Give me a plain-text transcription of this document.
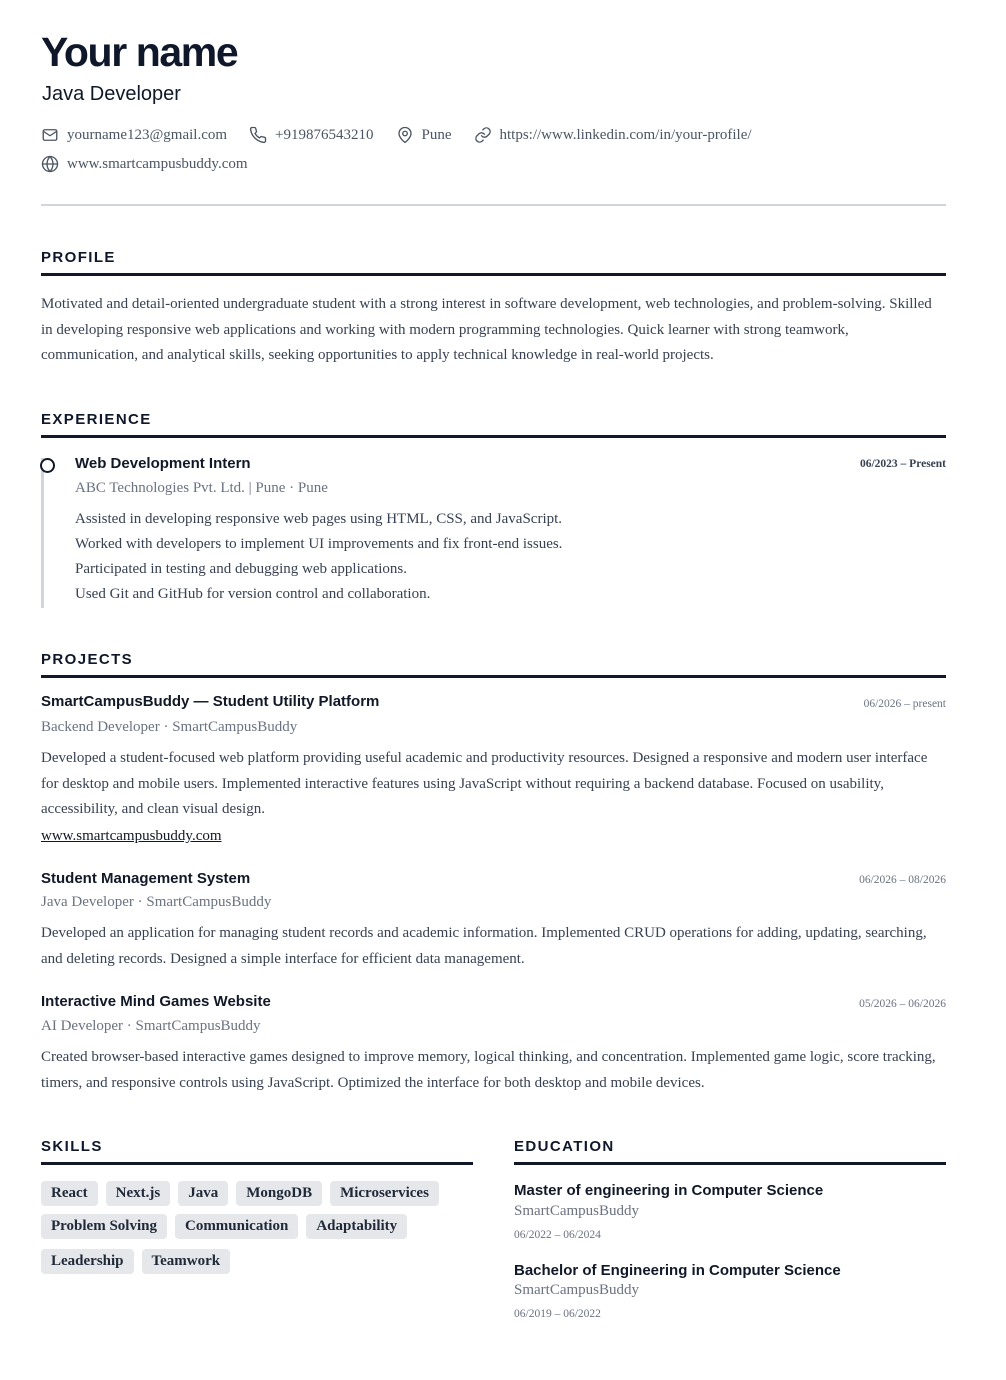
Your name

Java Developer

yourname123@gmail.com	+919876543210	Pune	https://www.linkedin.com/in/your-profile/
www.smartcampusbuddy.com
PROFILE

Motivated and detail-oriented undergraduate student with a strong interest in software development, web technologies, and problem-solving. Skilled in developing responsive web applications and working with modern programming technologies. Quick learner with strong teamwork, communication, and analytical skills, seeking opportunities to apply technical knowledge in real-world projects.

EXPERIENCE
Web Development Intern	06/2023 – Present
ABC Technologies Pvt. Ltd. | Pune · Pune
Assisted in developing responsive web pages using HTML, CSS, and JavaScript.
Worked with developers to implement UI improvements and fix front-end issues.
Participated in testing and debugging web applications.
Used Git and GitHub for version control and collaboration.
PROJECTS
SmartCampusBuddy — Student Utility Platform	06/2026 – present
Backend Developer · SmartCampusBuddy

Developed a student-focused web platform providing useful academic and productivity resources. Designed a responsive and modern user interface for desktop and mobile users. Implemented interactive features using JavaScript without requiring a backend database. Focused on usability, accessibility, and clean visual design.

www.smartcampusbuddy.com
Student Management System	06/2026 – 08/2026
Java Developer · SmartCampusBuddy

Developed an application for managing student records and academic information. Implemented CRUD operations for adding, updating, searching, and deleting records. Designed a simple interface for efficient data management.

Interactive Mind Games Website	05/2026 – 06/2026
AI Developer · SmartCampusBuddy

Created browser-based interactive games designed to improve memory, logical thinking, and concentration. Implemented game logic, score tracking, timers, and responsive controls using JavaScript. Optimized the interface for both desktop and mobile devices.

SKILLS
React	Next.js	Java	MongoDB	Microservices
Problem Solving	Communication	Adaptability
Leadership	Teamwork
EDUCATION
Master of engineering in Computer Science
SmartCampusBuddy
06/2022 – 06/2024
Bachelor of Engineering in Computer Science
SmartCampusBuddy
06/2019 – 06/2022
